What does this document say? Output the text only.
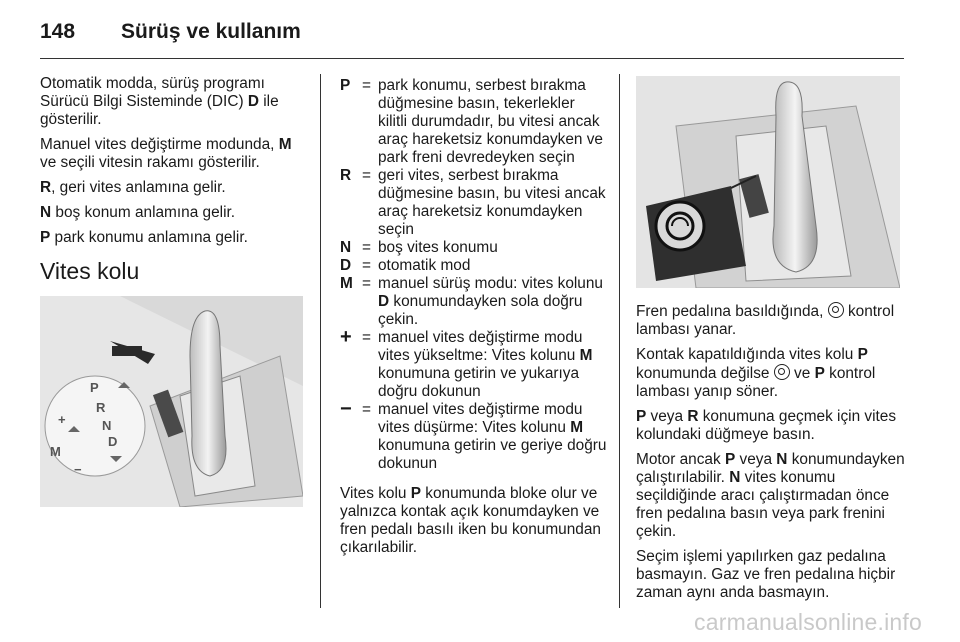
148 Sürüş ve kullanım

Otomatik modda, sürüş programı Sürücü Bilgi Sisteminde (DIC) D ile gösterilir.

Manuel vites değiştirme modunda, M ve seçili vitesin rakamı gösterilir.

R, geri vites anlamına gelir.

N boş konum anlamına gelir.

P park konumu anlamına gelir.

Vites kolu
P
R
N
D
M
+
−
P = park konumu, serbest bırakma düğmesine basın, tekerlekler kilitli durumdadır, bu vitesi ancak araç hareketsiz konumdayken ve park freni devredeyken seçin
R = geri vites, serbest bırakma düğmesine basın, bu vitesi ancak araç hareketsiz konumdayken seçin
N = boş vites konumu
D = otomatik mod
M = manuel sürüş modu: vites kolunu D konumundayken sola doğru çekin.
+ = manuel vites değiştirme modu vites yükseltme: Vites kolunu M konumuna getirin ve yukarıya doğru dokunun
− = manuel vites değiştirme modu vites düşürme: Vites kolunu M konumuna getirin ve geriye doğru dokunun

Vites kolu P konumunda bloke olur ve yalnızca kontak açık konumdayken ve fren pedalı basılı iken bu konumundan çıkarılabilir.

Fren pedalına basıldığında,  kontrol lambası yanar.

Kontak kapatıldığında vites kolu P konumunda değilse  ve P kontrol lambası yanıp söner.

P veya R konumuna geçmek için vites kolundaki düğmeye basın.

Motor ancak P veya N konumundayken çalıştırılabilir. N vites konumu seçildiğinde aracı çalıştırmadan önce fren pedalına basın veya park frenini çekin.

Seçim işlemi yapılırken gaz pedalına basmayın. Gaz ve fren pedalına hiçbir zaman aynı anda basmayın.

carmanualsonline.info
